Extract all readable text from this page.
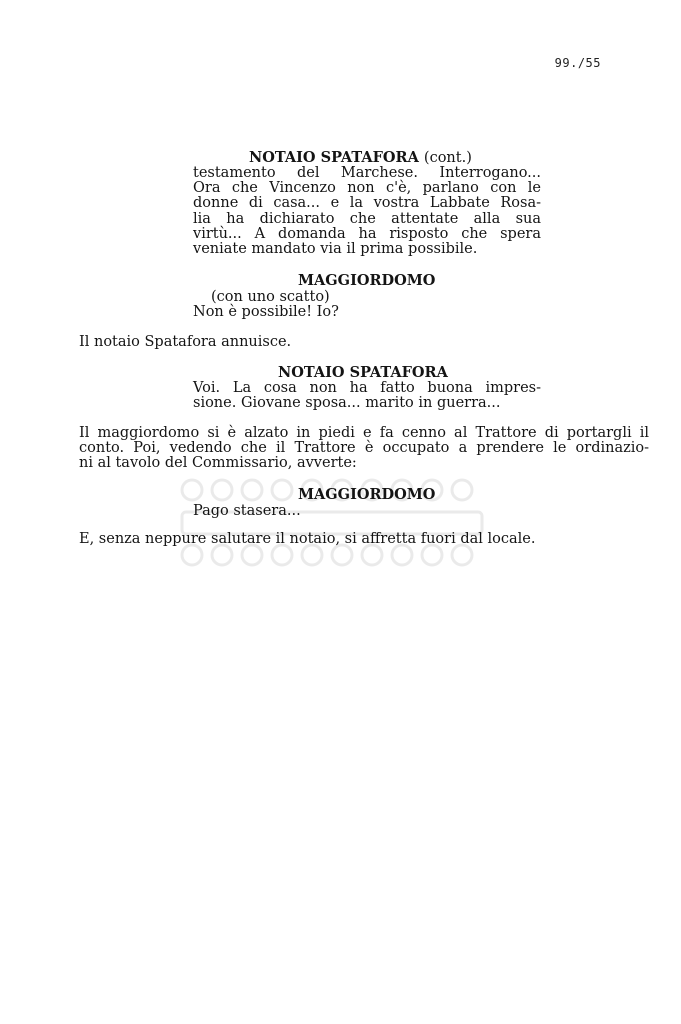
99./55
NOTAIO SPATAFORA (cont.)
testamento del Marchese. Interrogano...
Ora che Vincenzo non c'è, parlano con le
donne di casa... e la vostra Labbate Rosa-
lia ha dichiarato che attentate alla sua
virtù... A domanda ha risposto che spera
veniate mandato via il prima possibile.
MAGGIORDOMO
(con uno scatto)
Non è possibile! Io?
Il notaio Spatafora annuisce.
NOTAIO SPATAFORA
Voi. La cosa non ha fatto buona impres-
sione. Giovane sposa... marito in guerra...
Il maggiordomo si è alzato in piedi e fa cenno al Trattore di portargli il
conto. Poi, vedendo che il Trattore è occupato a prendere le ordinazio-
ni al tavolo del Commissario, avverte:
MAGGIORDOMO
Pago stasera...
E, senza neppure salutare il notaio, si affretta fuori dal locale.
